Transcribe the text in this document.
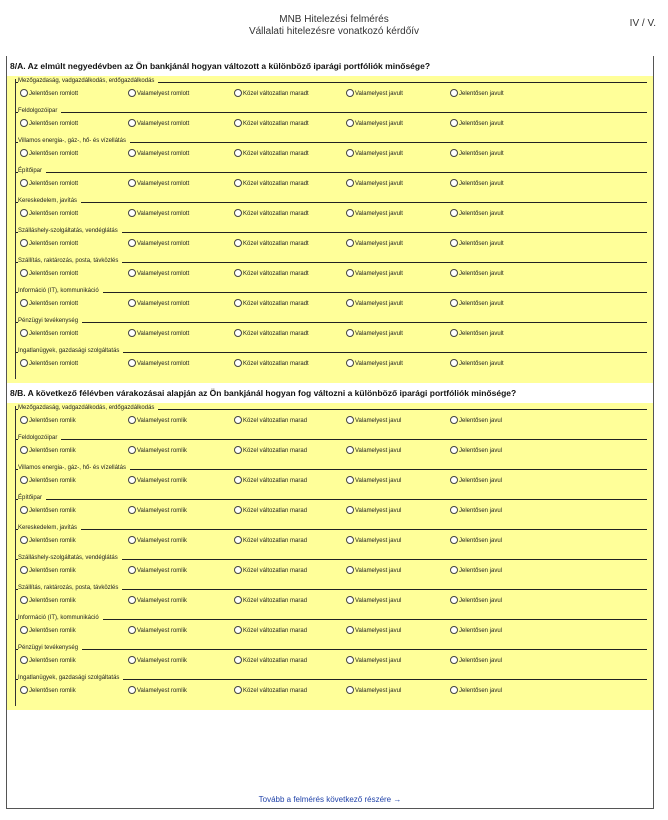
MNB Hitelezési felmérés
Vállalati hitelezésre vonatkozó kérdőív
IV / V.
8/A. Az elmúlt negyedévben az Ön bankjánál hogyan változott a különböző iparági portfóliók minősége?
Mezőgazdaság, vadgazdálkodás, erdőgazdálkodás
Jelentősen romlott	Valamelyest romlott	Közel változatlan maradt	Valamelyest javult	Jelentősen javult
Feldolgozóipar
Jelentősen romlott	Valamelyest romlott	Közel változatlan maradt	Valamelyest javult	Jelentősen javult
Villamos energia-, gáz-, hő- és vízellátás
Jelentősen romlott	Valamelyest romlott	Közel változatlan maradt	Valamelyest javult	Jelentősen javult
Építőipar
Jelentősen romlott	Valamelyest romlott	Közel változatlan maradt	Valamelyest javult	Jelentősen javult
Kereskedelem, javítás
Jelentősen romlott	Valamelyest romlott	Közel változatlan maradt	Valamelyest javult	Jelentősen javult
Szálláshely-szolgáltatás, vendéglátás
Jelentősen romlott	Valamelyest romlott	Közel változatlan maradt	Valamelyest javult	Jelentősen javult
Szállítás, raktározás, posta, távközlés
Jelentősen romlott	Valamelyest romlott	Közel változatlan maradt	Valamelyest javult	Jelentősen javult
Információ (IT), kommunikáció
Jelentősen romlott	Valamelyest romlott	Közel változatlan maradt	Valamelyest javult	Jelentősen javult
Pénzügyi tevékenység
Jelentősen romlott	Valamelyest romlott	Közel változatlan maradt	Valamelyest javult	Jelentősen javult
Ingatlanügyek, gazdasági szolgáltatás
Jelentősen romlott	Valamelyest romlott	Közel változatlan maradt	Valamelyest javult	Jelentősen javult
8/B. A következő félévben várakozásai alapján az Ön bankjánál hogyan fog változni a különböző iparági portfóliók minősége?
Mezőgazdaság, vadgazdálkodás, erdőgazdálkodás
Jelentősen romlik	Valamelyest romlik	Közel változatlan marad	Valamelyest javul	Jelentősen javul
Feldolgozóipar
Jelentősen romlik	Valamelyest romlik	Közel változatlan marad	Valamelyest javul	Jelentősen javul
Villamos energia-, gáz-, hő- és vízellátás
Jelentősen romlik	Valamelyest romlik	Közel változatlan marad	Valamelyest javul	Jelentősen javul
Építőipar
Jelentősen romlik	Valamelyest romlik	Közel változatlan marad	Valamelyest javul	Jelentősen javul
Kereskedelem, javítás
Jelentősen romlik	Valamelyest romlik	Közel változatlan marad	Valamelyest javul	Jelentősen javul
Szálláshely-szolgáltatás, vendéglátás
Jelentősen romlik	Valamelyest romlik	Közel változatlan marad	Valamelyest javul	Jelentősen javul
Szállítás, raktározás, posta, távközlés
Jelentősen romlik	Valamelyest romlik	Közel változatlan marad	Valamelyest javul	Jelentősen javul
Információ (IT), kommunikáció
Jelentősen romlik	Valamelyest romlik	Közel változatlan marad	Valamelyest javul	Jelentősen javul
Pénzügyi tevékenység
Jelentősen romlik	Valamelyest romlik	Közel változatlan marad	Valamelyest javul	Jelentősen javul
Ingatlanügyek, gazdasági szolgáltatás
Jelentősen romlik	Valamelyest romlik	Közel változatlan marad	Valamelyest javul	Jelentősen javul
Tovább a felmérés következő részére →
